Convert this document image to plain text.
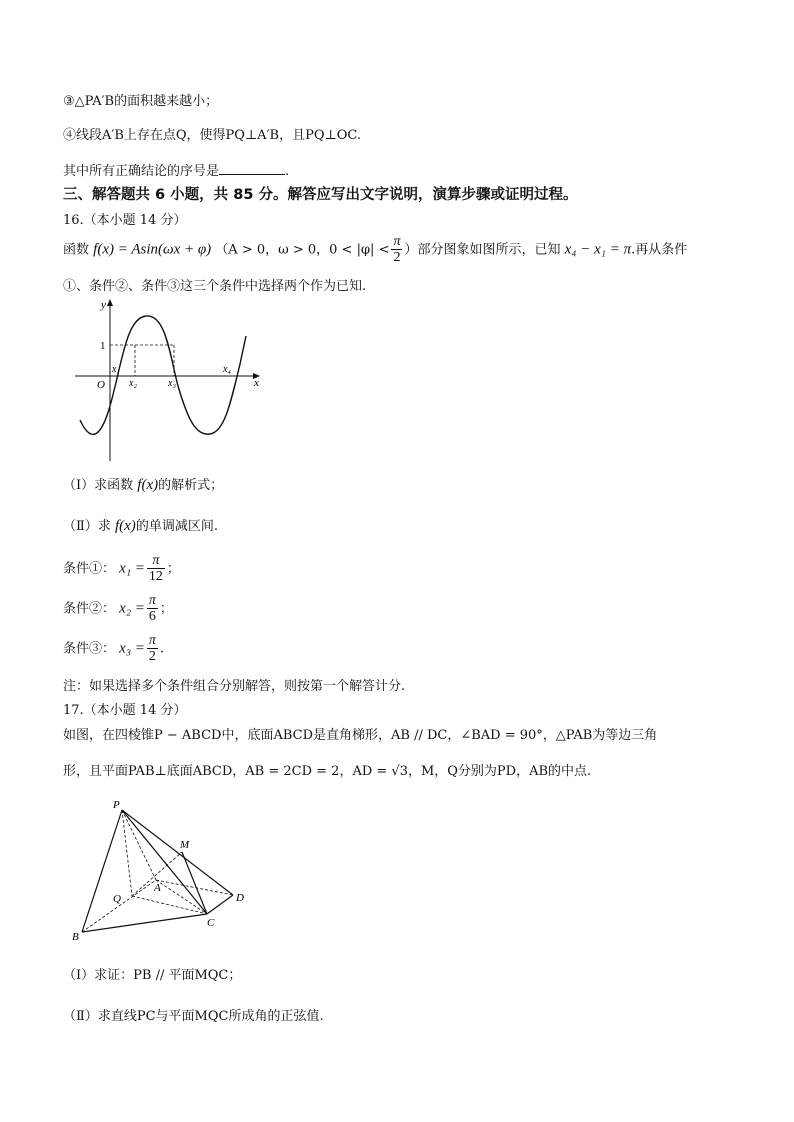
③△PA′B的面积越来越小；
④线段A′B上存在点Q，使得PQ⊥A′B，且PQ⊥OC.
其中所有正确结论的序号是	.
三、解答题共 6 小题，共 85 分。解答应写出文字说明，演算步骤或证明过程。
16.（本小题 14 分）
函数 f(x) = Asin(ωx + φ) （A > 0，ω > 0，$0 < |\varphi| < \frac{\pi}{2}$ ）部分图象如图所示，已知 x₄ − x₁ = π.再从条件
①、条件②、条件③这三个条件中选择两个作为已知.
y
x
O
1
x₁
x₂	x₃
x₄
（Ⅰ）求函数 f(x)的解析式；
（Ⅱ）求 f(x)的单调减区间.
条件①： $x_1 = \frac{\pi}{12}$ ；
条件②： $x_2 = \frac{\pi}{6}$ ；
条件③： $x_3 = \frac{\pi}{2}$ .
注：如果选择多个条件组合分别解答，则按第一个解答计分.
17.（本小题 14 分）
如图，在四棱锥P − ABCD中，底面ABCD是直角梯形，AB // DC，∠BAD = 90°，△PAB为等边三角
形，且平面PAB⊥底面ABCD，AB = 2CD = 2，AD = √3，M，Q分别为PD，AB的中点.
P
M
Q
A
D
C
B
（Ⅰ）求证：PB // 平面MQC；
（Ⅱ）求直线PC与平面MQC所成角的正弦值.
